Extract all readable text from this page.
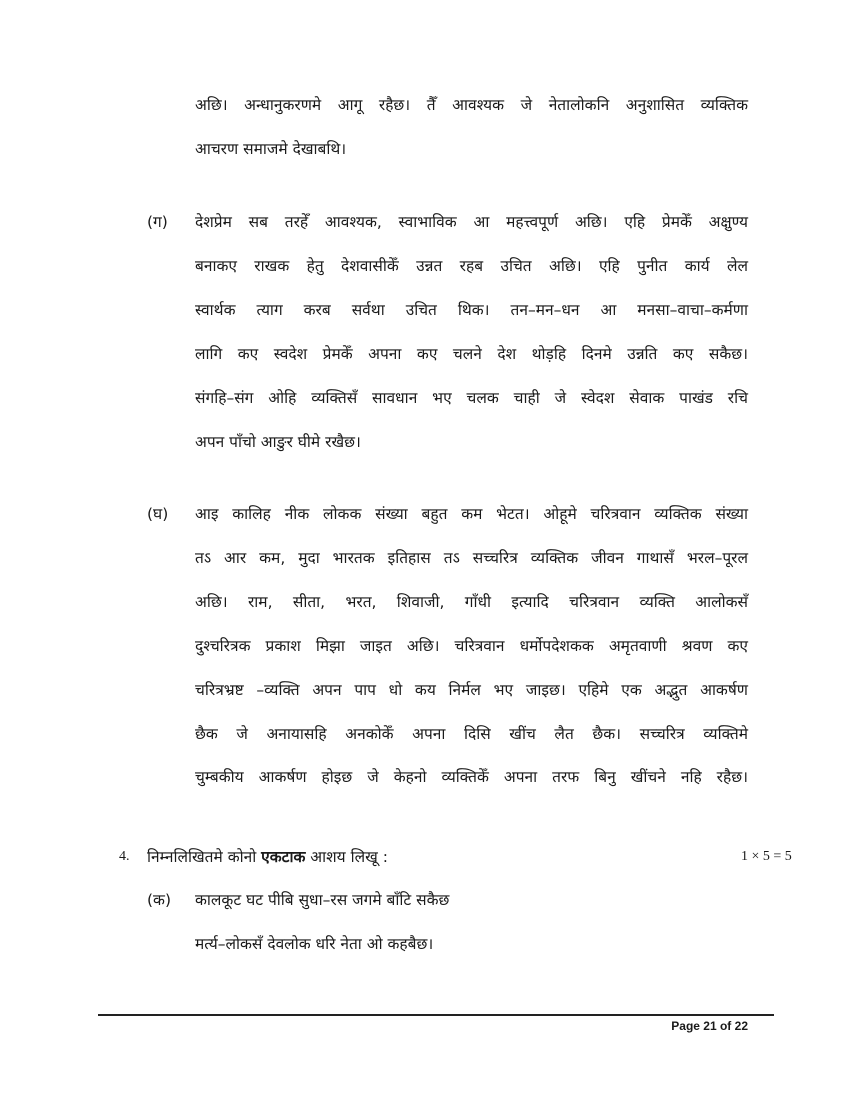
अछि। अन्धानुकरणमे आगू रहैछ। तैँ आवश्यक जे नेतालोकनि अनुशासित व्यक्तिक
आचरण समाजमे देखाबथि।
(ग) देशप्रेम सब तरहेँ आवश्यक, स्वाभाविक आ महत्त्वपूर्ण अछि। एहि प्रेमकेँ अक्षुण्य
बनाकए राखक हेतु देशवासीकेँ उन्नत रहब उचित अछि। एहि पुनीत कार्य लेल
स्वार्थक त्याग करब सर्वथा उचित थिक। तन–मन–धन आ मनसा–वाचा–कर्मणा
लागि कए स्वदेश प्रेमकेँ अपना कए चलने देश थोड़हि दिनमे उन्नति कए सकैछ।
संगहि–संग ओहि व्यक्तिसँ सावधान भए चलक चाही जे स्वेदश सेवाक पाखंड रचि
अपन पाँचो आङुर घीमे रखैछ।
(घ) आइ कालिह नीक लोकक संख्या बहुत कम भेटत। ओहूमे चरित्रवान व्यक्तिक संख्या
तऽ आर कम, मुदा भारतक इतिहास तऽ सच्चरित्र व्यक्तिक जीवन गाथासँ भरल–पूरल
अछि। राम, सीता, भरत, शिवाजी, गाँधी इत्यादि चरित्रवान व्यक्ति आलोकसँ
दुश्चरित्रक प्रकाश मिझा जाइत अछि। चरित्रवान धर्मोपदेशकक अमृतवाणी श्रवण कए
चरित्रभ्रष्ट –व्यक्ति अपन पाप धो कय निर्मल भए जाइछ। एहिमे एक अद्भुत आकर्षण
छैक जे अनायासहि अनकोकेँ अपना दिसि खींच लैत छैक। सच्चरित्र व्यक्तिमे
चुम्बकीय आकर्षण होइछ जे केहनो व्यक्तिकेँ अपना तरफ बिनु खींचने नहि रहैछ।
4. निम्नलिखितमे कोनो एकटाक आशय लिखू :	1 × 5 = 5
(क) कालकूट घट पीबि सुधा–रस जगमे बाँटि सकैछ
मर्त्य–लोकसँ देवलोक धरि नेता ओ कहबैछ।
Page 21 of 22
